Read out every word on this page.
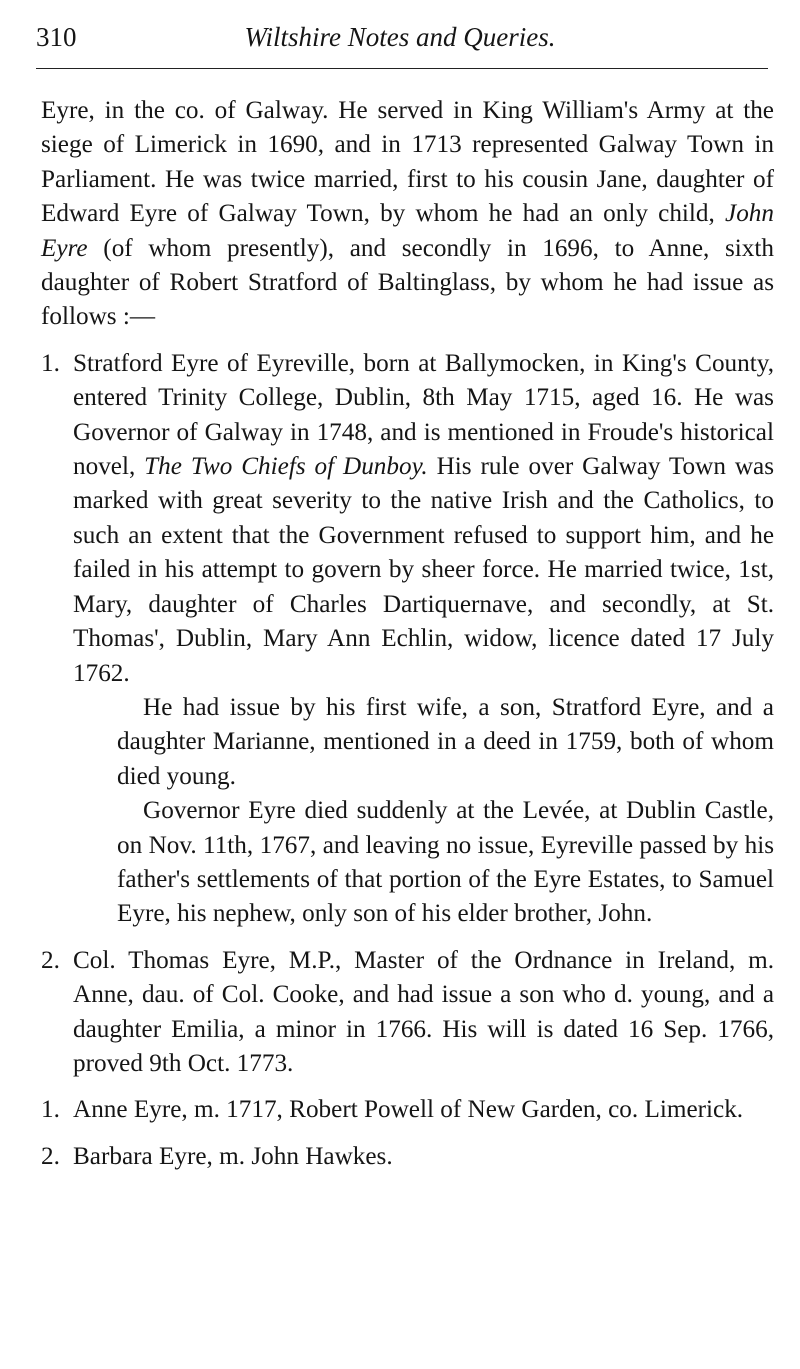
310	Wiltshire Notes and Queries.

Eyre, in the co. of Galway. He served in King William's Army at the siege of Limerick in 1690, and in 1713 represented Galway Town in Parliament. He was twice married, first to his cousin Jane, daughter of Edward Eyre of Galway Town, by whom he had an only child, John Eyre (of whom presently), and secondly in 1696, to Anne, sixth daughter of Robert Stratford of Baltinglass, by whom he had issue as follows :—

1. Stratford Eyre of Eyreville, born at Ballymocken, in King's County, entered Trinity College, Dublin, 8th May 1715, aged 16. He was Governor of Galway in 1748, and is mentioned in Froude's historical novel, The Two Chiefs of Dunboy. His rule over Galway Town was marked with great severity to the native Irish and the Catholics, to such an extent that the Government refused to support him, and he failed in his attempt to govern by sheer force. He married twice, 1st, Mary, daughter of Charles Dartiquernave, and secondly, at St. Thomas', Dublin, Mary Ann Echlin, widow, licence dated 17 July 1762.

He had issue by his first wife, a son, Stratford Eyre, and a daughter Marianne, mentioned in a deed in 1759, both of whom died young.

Governor Eyre died suddenly at the Levée, at Dublin Castle, on Nov. 11th, 1767, and leaving no issue, Eyreville passed by his father's settlements of that portion of the Eyre Estates, to Samuel Eyre, his nephew, only son of his elder brother, John.

2. Col. Thomas Eyre, M.P., Master of the Ordnance in Ireland, m. Anne, dau. of Col. Cooke, and had issue a son who d. young, and a daughter Emilia, a minor in 1766. His will is dated 16 Sep. 1766, proved 9th Oct. 1773.

1. Anne Eyre, m. 1717, Robert Powell of New Garden, co. Limerick.

2. Barbara Eyre, m. John Hawkes.
